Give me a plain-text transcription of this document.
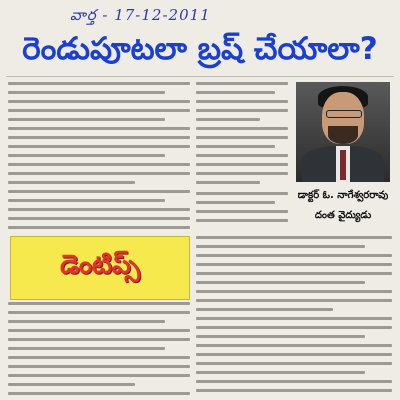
వార్త - 17-12-2011
రెండుపూటలా బ్రష్ చేయాలా?
డాక్టర్ ఓ. నాగేశ్వరరావు
దంత వైద్యుడు
డెంటిప్స్
